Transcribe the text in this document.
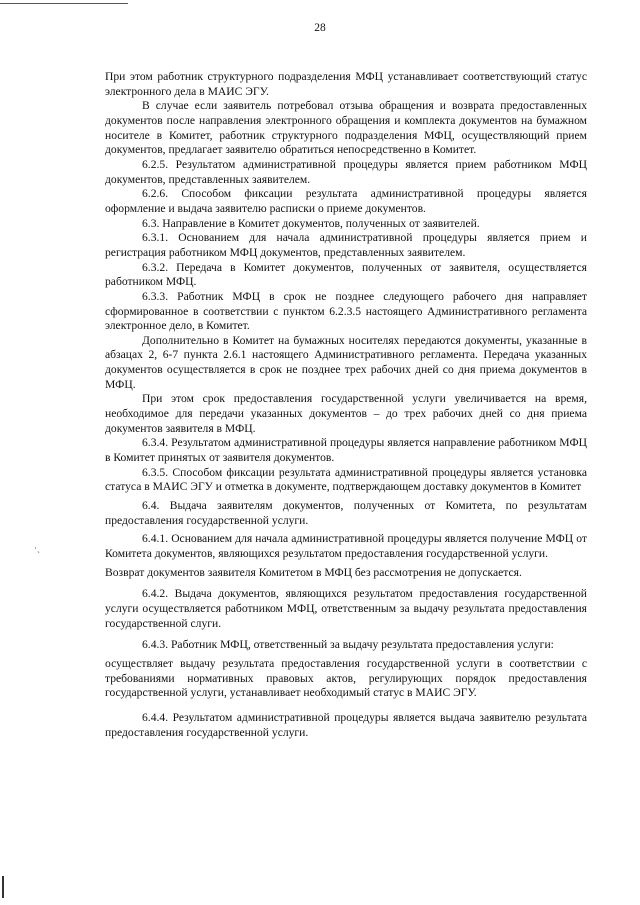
·ˏ
28

При этом работник структурного подразделения МФЦ устанавливает соответствующий статус электронного дела в МАИС ЭГУ.

В случае если заявитель потребовал отзыва обращения и возврата предоставленных документов после направления электронного обращения и комплекта документов на бумажном носителе в Комитет, работник структурного подразделения МФЦ, осуществляющий прием документов, предлагает заявителю обратиться непосредственно в Комитет.

6.2.5. Результатом административной процедуры является прием работником МФЦ документов, представленных заявителем.

6.2.6. Способом фиксации результата административной процедуры является оформление и выдача заявителю расписки о приеме документов.

6.3. Направление в Комитет документов, полученных от заявителей.

6.3.1. Основанием для начала административной процедуры является прием и регистрация работником МФЦ документов, представленных заявителем.

6.3.2. Передача в Комитет документов, полученных от заявителя, осуществляется работником МФЦ.

6.3.3. Работник МФЦ в срок не позднее следующего рабочего дня направляет сформированное в соответствии с пунктом 6.2.3.5 настоящего Административного регламента электронное дело, в Комитет.

Дополнительно в Комитет на бумажных носителях передаются документы, указанные в абзацах 2, 6-7 пункта 2.6.1 настоящего Административного регламента. Передача указанных документов осуществляется в срок не позднее трех рабочих дней со дня приема документов в МФЦ.

При этом срок предоставления государственной услуги увеличивается на время, необходимое для передачи указанных документов – до трех рабочих дней со дня приема документов заявителя в МФЦ.

6.3.4. Результатом административной процедуры является направление работником МФЦ в Комитет принятых от заявителя документов.

6.3.5. Способом фиксации результата административной процедуры является установка статуса в МАИС ЭГУ и отметка в документе, подтверждающем доставку документов в Комитет

6.4. Выдача заявителям документов, полученных от Комитета, по результатам предоставления государственной услуги.

6.4.1. Основанием для начала административной процедуры является получение МФЦ от Комитета документов, являющихся результатом предоставления государственной услуги.

Возврат документов заявителя Комитетом в МФЦ без рассмотрения не допускается.

6.4.2. Выдача документов, являющихся результатом предоставления государственной услуги осуществляется работником МФЦ, ответственным за выдачу результата предоставления государственной слуги.

6.4.3. Работник МФЦ, ответственный за выдачу результата предоставления услуги:

осуществляет выдачу результата предоставления государственной услуги в соответствии с требованиями нормативных правовых актов, регулирующих порядок предоставления государственной услуги, устанавливает необходимый статус в МАИС ЭГУ.

6.4.4. Результатом административной процедуры является выдача заявителю результата предоставления государственной услуги.
